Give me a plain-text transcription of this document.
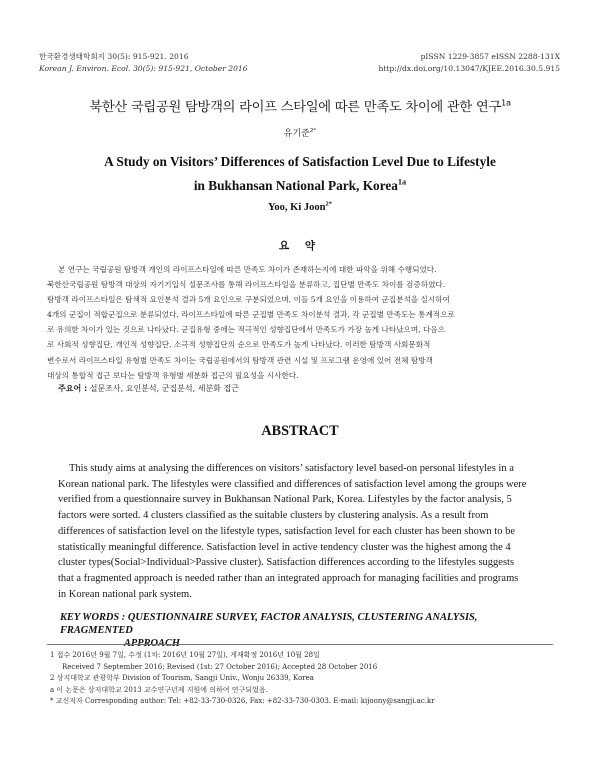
한국환경생태학회지 30(5): 915-921. 2016
Korean J. Environ. Ecol. 30(5): 915-921, October 2016
pISSN 1229-3857 eISSN 2288-131X
http://dx.doi.org/10.13047/KJEE.2016.30.5.915
북한산 국립공원 탐방객의 라이프 스타일에 따른 만족도 차이에 관한 연구$^{1a}$
유기준$^{2*}$
A Study on Visitors’ Differences of Satisfaction Level Due to Lifestyle
in Bukhansan National Park, Korea$^{1a}$
Yoo, Ki Joon$^{2*}$
요 약
본 연구는 국립공원 탐방객 개인의 라이프스타일에 따른 만족도 차이가 존재하는지에 대한 파악을 위해 수행되었다.
북한산국립공원 탐방객 대상의 자기기입식 설문조사를 통해 라이프스타일을 분류하고, 집단별 만족도 차이를 검증하였다.
탐방객 라이프스타일은 탐색적 요인분석 결과 5개 요인으로 구분되었으며, 이들 5개 요인을 이용하여 군집분석을 실시하여
4개의 군집이 적합군집으로 분류되었다. 라이프스타일에 따른 군집별 만족도 차이분석 결과, 각 군집별 만족도는 통계적으로
로 유의한 차이가 있는 것으로 나타났다. 군집유형 중에는 적극적인 성향집단에서 만족도가 가장 높게 나타났으며, 다음으
로 사회적 성향집단, 개인적 성향집단, 소극적 성향집단의 순으로 만족도가 높게 나타났다. 이러한 탐방객 사회문화적
변수로서 라이프스타일 유형별 만족도 차이는 국립공원에서의 탐방객 관련 시설 및 프로그램 운영에 있어 전체 탐방객
대상의 통합적 접근 보다는 탐방객 유형별 세분화 접근의 필요성을 시사한다.
주요어 : 설문조사, 요인분석, 군집분석, 세분화 접근
ABSTRACT
This study aims at analysing the differences on visitors’ satisfactory level based-on personal lifestyles in a
Korean national park. The lifestyles were classified and differences of satisfaction level among the groups were
verified from a questionnaire survey in Bukhansan National Park, Korea. Lifestyles by the factor analysis, 5
factors were sorted. 4 clusters classified as the suitable clusters by clustering analysis. As a result from
differences of satisfaction level on the lifestyle types, satisfaction level for each cluster has been shown to be
statistically meaningful difference. Satisfaction level in active tendency cluster was the highest among the 4
cluster types(Social>Individual>Passive cluster). Satisfaction differences according to the lifestyles suggests
that a fragmented approach is needed rather than an integrated approach for managing facilities and programs
in Korean national park system.
KEY WORDS : QUESTIONNAIRE SURVEY, FACTOR ANALYSIS, CLUSTERING ANALYSIS, FRAGMENTED
APPROACH
1 접수 2016년 9월 7일, 수정 (1차: 2016년 10월 27일), 게재확정 2016년 10월 28일
Received 7 September 2016; Revised (1st: 27 October 2016); Accepted 28 October 2016
2 상지대학교 관광학부 Division of Tourism, Sangji Univ., Wonju 26339, Korea
a 이 논문은 상지대학교 2013 교수연구년제 지원에 의하여 연구되었음.
* 교신저자 Corresponding author: Tel: +82-33-730-0326, Fax: +82-33-730-0303. E-mail: kijoony@sangji.ac.kr
